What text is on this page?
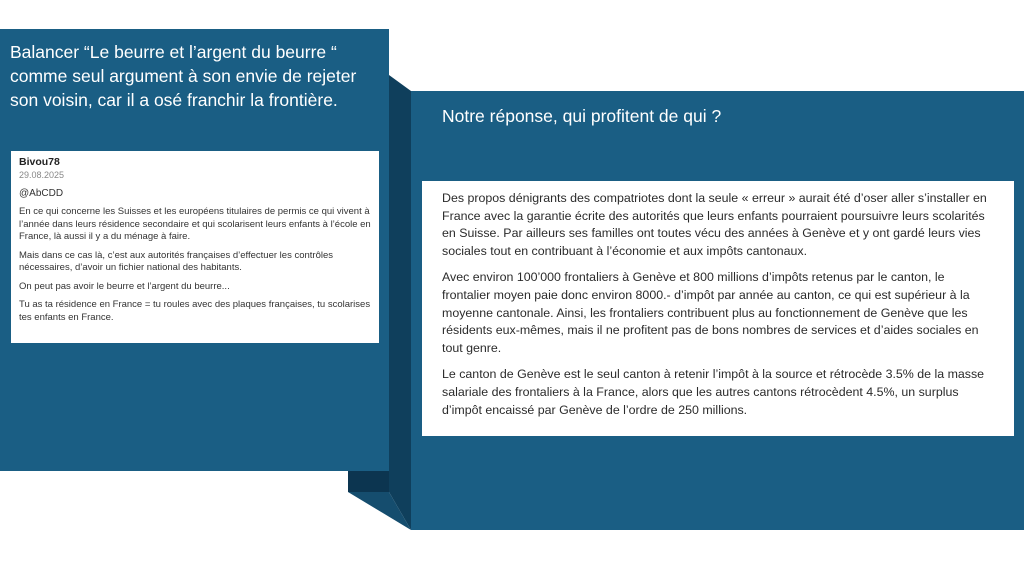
Balancer “Le beurre et l’argent du beurre “ comme seul argument à son envie de rejeter son voisin, car il a osé franchir la frontière.
Bivou78
29.08.2025
@AbCDD

En ce qui concerne les Suisses et les européens titulaires de permis ce qui vivent à l’année dans leurs résidence secondaire et qui scolarisent leurs enfants à l’école en France, là aussi il y a du ménage à faire.

Mais dans ce cas là, c’est aux autorités françaises d’effectuer les contrôles nécessaires, d’avoir un fichier national des habitants.

On peut pas avoir le beurre et l’argent du beurre...

Tu as ta résidence en France = tu roules avec des plaques françaises, tu scolarises tes enfants en France.

Notre réponse, qui profitent de qui ?

Des propos dénigrants des compatriotes dont la seule « erreur » aurait été d’oser aller s’installer en France avec la garantie écrite des autorités que leurs enfants pourraient poursuivre leurs scolarités en Suisse. Par ailleurs ses familles ont toutes vécu des années à Genève et y ont gardé leurs vies sociales tout en contribuant à l’économie et aux impôts cantonaux.

Avec environ 100’000 frontaliers à Genève et 800 millions d’impôts retenus par le canton, le frontalier moyen paie donc environ 8000.- d’impôt par année au canton, ce qui est supérieur à la moyenne cantonale. Ainsi, les frontaliers contribuent plus au fonctionnement de Genève que les résidents eux-mêmes, mais il ne profitent pas de bons nombres de services et d’aides sociales en tout genre.

Le canton de Genève est le seul canton à retenir l’impôt à la source et rétrocède 3.5% de la masse salariale des frontaliers à la France, alors que les autres cantons rétrocèdent 4.5%, un surplus d’impôt encaissé par Genève de l’ordre de 250 millions.
